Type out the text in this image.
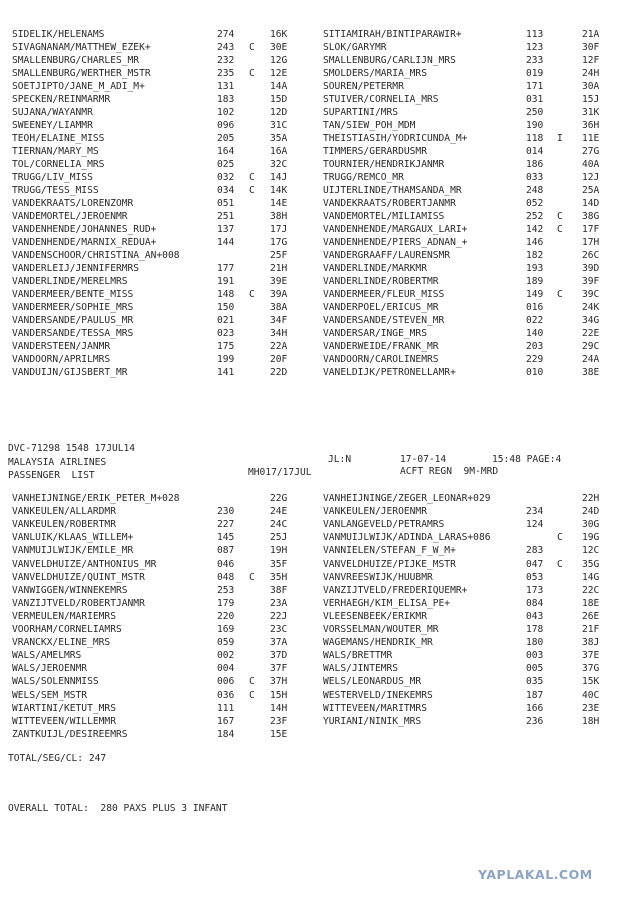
SIDELIK/HELENAMS	274	16K	SITIAMIRAH/BINTIPARAWIR+	113	21A
SIVAGNANAM/MATTHEW_EZEK+	243	C	30E	SLOK/GARYMR	123	30F
SMALLENBURG/CHARLES_MR	232	12G	SMALLENBURG/CARLIJN_MRS	233	12F
SMALLENBURG/WERTHER_MSTR	235	C	12E	SMOLDERS/MARIA_MRS	019	24H
SOETJIPTO/JANE_M_ADI_M+	131	14A	SOUREN/PETERMR	171	30A
SPECKEN/REINMARMR	183	15D	STUIVER/CORNELIA_MRS	031	15J
SUJANA/WAYANMR	102	12D	SUPARTINI/MRS	250	31K
SWEENEY/LIAMMR	096	31C	TAN/SIEW_POH_MDM	190	36H
TEOH/ELAINE_MISS	205	35A	THEISTIASIH/YODRICUNDA_M+	118	I	11E
TIERNAN/MARY_MS	164	16A	TIMMERS/GERARDUSMR	014	27G
TOL/CORNELIA_MRS	025	32C	TOURNIER/HENDRIKJANMR	186	40A
TRUGG/LIV_MISS	032	C	14J	TRUGG/REMCO_MR	033	12J
TRUGG/TESS_MISS	034	C	14K	UIJTERLINDE/THAMSANDA_MR	248	25A
VANDEKRAATS/LORENZOMR	051	14E	VANDEKRAATS/ROBERTJANMR	052	14D
VANDEMORTEL/JEROENMR	251	38H	VANDEMORTEL/MILIAMISS	252	C	38G
VANDENHENDE/JOHANNES_RUD+	137	17J	VANDENHENDE/MARGAUX_LARI+	142	C	17F
VANDENHENDE/MARNIX_REDUA+	144	17G	VANDENHENDE/PIERS_ADNAN_+	146	17H
VANDENSCHOOR/CHRISTINA_AN+008	25F	VANDERGRAAFF/LAURENSMR	182	26C
VANDERLEIJ/JENNIFERMRS	177	21H	VANDERLINDE/MARKMR	193	39D
VANDERLINDE/MERELMRS	191	39E	VANDERLINDE/ROBERTMR	189	39F
VANDERMEER/BENTE_MISS	148	C	39A	VANDERMEER/FLEUR_MISS	149	C	39C
VANDERMEER/SOPHIE_MRS	150	38A	VANDERPOEL/ERICUS_MR	016	24K
VANDERSANDE/PAULUS_MR	021	34F	VANDERSANDE/STEVEN_MR	022	34G
VANDERSANDE/TESSA_MRS	023	34H	VANDERSAR/INGE_MRS	140	22E
VANDERSTEEN/JANMR	175	22A	VANDERWEIDE/FRANK_MR	203	29C
VANDOORN/APRILMRS	199	20F	VANDOORN/CAROLINEMRS	229	24A
VANDUIJN/GIJSBERT_MR	141	22D	VANELDIJK/PETRONELLAMR+	010	38E
DVC-71298 1548 17JUL14
JL:N	17-07-14	15:48 PAGE:4
MALAYSIA AIRLINES
PASSENGER  LIST	MH017/17JUL	ACFT REGN  9M-MRD
VANHEIJNINGE/ERIK_PETER_M+028	22G	VANHEIJNINGE/ZEGER_LEONAR+029	22H
VANKEULEN/ALLARDMR	230	24E	VANKEULEN/JEROENMR	234	24D
VANKEULEN/ROBERTMR	227	24C	VANLANGEVELD/PETRAMRS	124	30G
VANLUIK/KLAAS_WILLEM+	145	25J	VANMUIJLWIJK/ADINDA_LARAS+086	C	19G
VANMUIJLWIJK/EMILE_MR	087	19H	VANNIELEN/STEFAN_F_W_M+	283	12C
VANVELDHUIZE/ANTHONIUS_MR	046	35F	VANVELDHUIZE/PIJKE_MSTR	047	C	35G
VANVELDHUIZE/QUINT_MSTR	048	C	35H	VANVREESWIJK/HUUBMR	053	14G
VANWIGGEN/WINNEKEMRS	253	38F	VANZIJTVELD/FREDERIQUEMR+	173	22C
VANZIJTVELD/ROBERTJANMR	179	23A	VERHAEGH/KIM_ELISA_PE+	084	18E
VERMEULEN/MARIEMRS	220	22J	VLEESENBEEK/ERIKMR	043	26E
VOORHAM/CORNELIAMRS	169	23C	VORSSELMAN/WOUTER_MR	178	21F
VRANCKX/ELINE_MRS	059	37A	WAGEMANS/HENDRIK_MR	180	38J
WALS/AMELMRS	002	37D	WALS/BRETTMR	003	37E
WALS/JEROENMR	004	37F	WALS/JINTEMRS	005	37G
WALS/SOLENNMISS	006	C	37H	WELS/LEONARDUS_MR	035	15K
WELS/SEM_MSTR	036	C	15H	WESTERVELD/INEKEMRS	187	40C
WIARTINI/KETUT_MRS	111	14H	WITTEVEEN/MARITMRS	166	23E
WITTEVEEN/WILLEMMR	167	23F	YURIANI/NINIK_MRS	236	18H
ZANTKUIJL/DESIREEMRS	184	15E
TOTAL/SEG/CL: 247
OVERALL TOTAL:  280 PAXS PLUS 3 INFANT
YAPLAKAL.COM
